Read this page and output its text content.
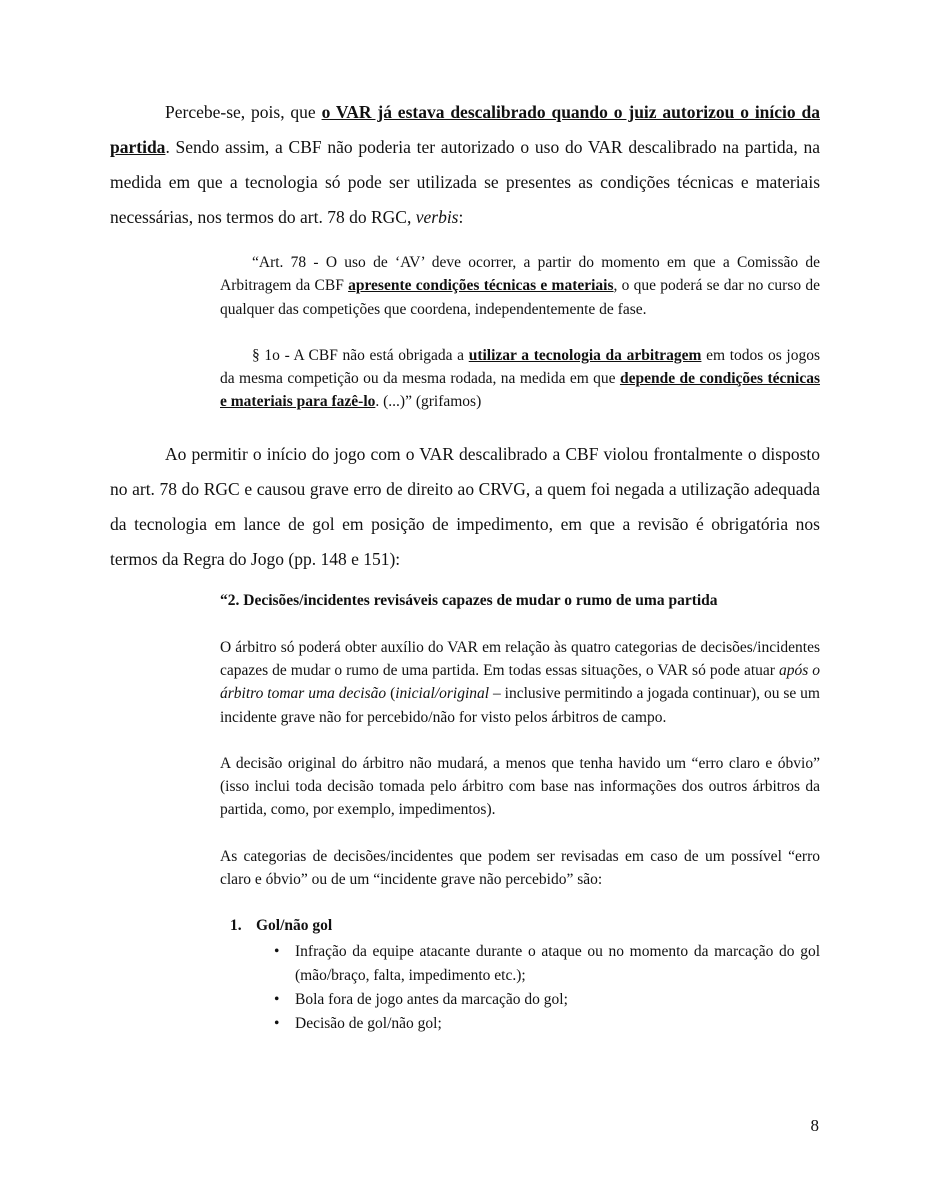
Percebe-se, pois, que o VAR já estava descalibrado quando o juiz autorizou o início da partida. Sendo assim, a CBF não poderia ter autorizado o uso do VAR descalibrado na partida, na medida em que a tecnologia só pode ser utilizada se presentes as condições técnicas e materiais necessárias, nos termos do art. 78 do RGC, verbis:

“Art. 78 - O uso de ‘AV’ deve ocorrer, a partir do momento em que a Comissão de Arbitragem da CBF apresente condições técnicas e materiais, o que poderá se dar no curso de qualquer das competições que coordena, independentemente de fase.

§ 1o - A CBF não está obrigada a utilizar a tecnologia da arbitragem em todos os jogos da mesma competição ou da mesma rodada, na medida em que depende de condições técnicas e materiais para fazê-lo. (...)” (grifamos)

Ao permitir o início do jogo com o VAR descalibrado a CBF violou frontalmente o disposto no art. 78 do RGC e causou grave erro de direito ao CRVG, a quem foi negada a utilização adequada da tecnologia em lance de gol em posição de impedimento, em que a revisão é obrigatória nos termos da Regra do Jogo (pp. 148 e 151):

“2. Decisões/incidentes revisáveis capazes de mudar o rumo de uma partida

O árbitro só poderá obter auxílio do VAR em relação às quatro categorias de decisões/incidentes capazes de mudar o rumo de uma partida. Em todas essas situações, o VAR só pode atuar após o árbitro tomar uma decisão (inicial/original – inclusive permitindo a jogada continuar), ou se um incidente grave não for percebido/não for visto pelos árbitros de campo.

A decisão original do árbitro não mudará, a menos que tenha havido um “erro claro e óbvio” (isso inclui toda decisão tomada pelo árbitro com base nas informações dos outros árbitros da partida, como, por exemplo, impedimentos).

As categorias de decisões/incidentes que podem ser revisadas em caso de um possível “erro claro e óbvio” ou de um “incidente grave não percebido” são:

1. Gol/não gol
• Infração da equipe atacante durante o ataque ou no momento da marcação do gol (mão/braço, falta, impedimento etc.);
• Bola fora de jogo antes da marcação do gol;
• Decisão de gol/não gol;
8
